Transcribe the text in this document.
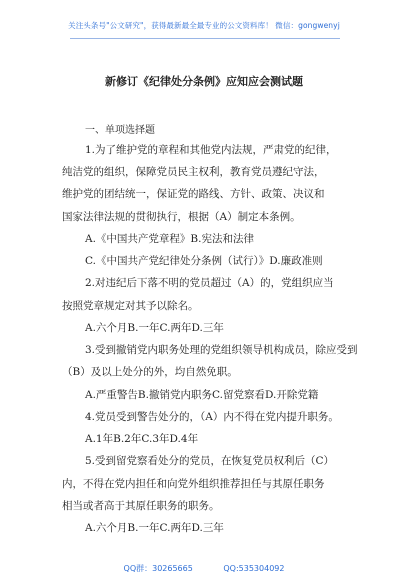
关注头条号"公文研究"，获得最新最全最专业的公文资料库！ 微信：gongwenyj
新修订《纪律处分条例》应知应会测试题
一、单项选择题
1.为了维护党的章程和其他党内法规，严肃党的纪律，
纯洁党的组织，保障党员民主权利，教育党员遵纪守法，
维护党的团结统一，保证党的路线、方针、政策、决议和
国家法律法规的贯彻执行，根据（A）制定本条例。
A.《中国共产党章程》B.宪法和法律
C.《中国共产党纪律处分条例（试行）》D.廉政准则
2.对违纪后下落不明的党员超过（A）的，党组织应当
按照党章规定对其予以除名。
A.六个月B.一年C.两年D.三年
3.受到撤销党内职务处理的党组织领导机构成员，除应受到
（B）及以上处分的外，均自然免职。
A.严重警告B.撤销党内职务C.留党察看D.开除党籍
4.党员受到警告处分的，（A）内不得在党内提升职务。
A.1年B.2年C.3年D.4年
5.受到留党察看处分的党员，在恢复党员权利后（C）
内，不得在党内担任和向党外组织推荐担任与其原任职务
相当或者高于其原任职务的职务。
A.六个月B.一年C.两年D.三年
QQ群：30265665	QQ:535304092
